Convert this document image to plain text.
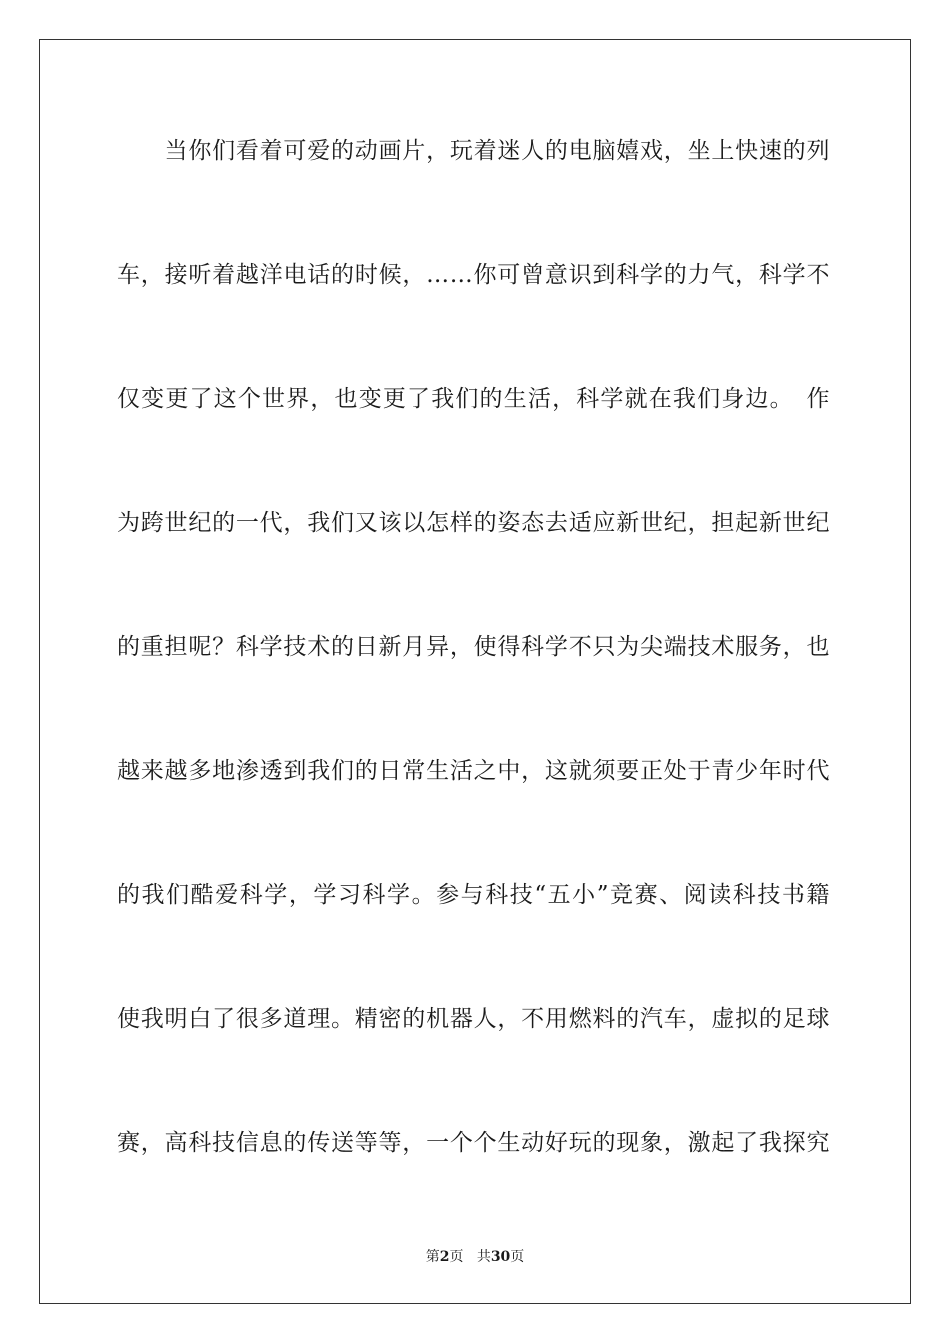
　　当你们看着可爱的动画片，玩着迷人的电脑嬉戏，坐上快速的列
车，接听着越洋电话的时候，……你可曾意识到科学的力气，科学不
仅变更了这个世界，也变更了我们的生活，科学就在我们身边。　作
为跨世纪的一代，我们又该以怎样的姿态去适应新世纪，担起新世纪
的重担呢？科学技术的日新月异，使得科学不只为尖端技术服务，也
越来越多地渗透到我们的日常生活之中，这就须要正处于青少年时代
的我们酷爱科学，学习科学。参与科技“五小”竞赛、阅读科技书籍
使我明白了很多道理。精密的机器人，不用燃料的汽车，虚拟的足球
赛，高科技信息的传送等等，一个个生动好玩的现象，激起了我探究
第2页 共30页
